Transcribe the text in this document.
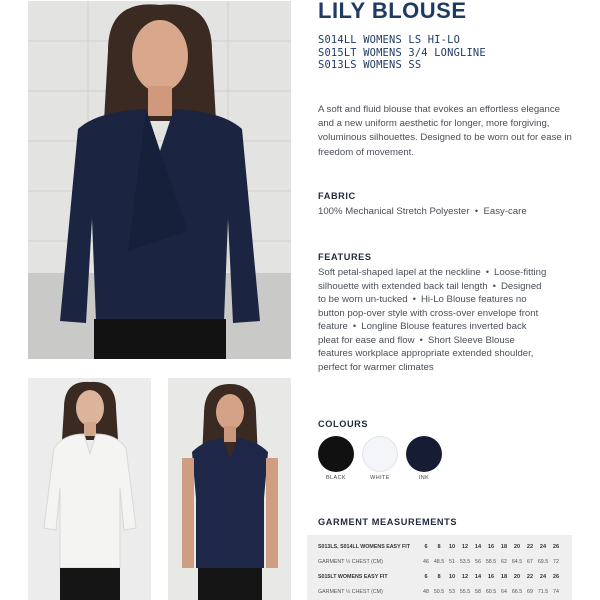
LILY BLOUSE
S014LL WOMENS LS HI-LO
S015LT WOMENS 3/4 LONGLINE
S013LS WOMENS SS
A soft and fluid blouse that evokes an effortless elegance and a new uniform aesthetic for longer, more forgiving, voluminous silhouettes. Designed to be worn out for ease in freedom of movement.
FABRIC
100% Mechanical Stretch Polyester  •  Easy-care
FEATURES
Soft petal-shaped lapel at the neckline • Loose-fitting silhouette with extended back tail length • Designed to be worn un-tucked • Hi-Lo Blouse features no button pop-over style with cross-over envelope front feature • Longline Blouse features inverted back pleat for ease and flow • Short Sleeve Blouse features workplace appropriate extended shoulder, perfect for warmer climates
COLOURS
BLACK	WHITE	INK
GARMENT MEASUREMENTS
S013LS, S014LL WOMENS EASY FIT	6	8	10	12	14	16	18	20	22	24	26
GARMENT ½ CHEST (CM)	46 48.5 51 53.5 56 58.5 62 64.5 67 69.5 72
S015LT WOMENS EASY FIT	6	8	10	12	14	16	18	20	22	24	26
GARMENT ½ CHEST (CM)	48 50.5 53 55.5 58 60.5 64 66.5 69 71.5 74
